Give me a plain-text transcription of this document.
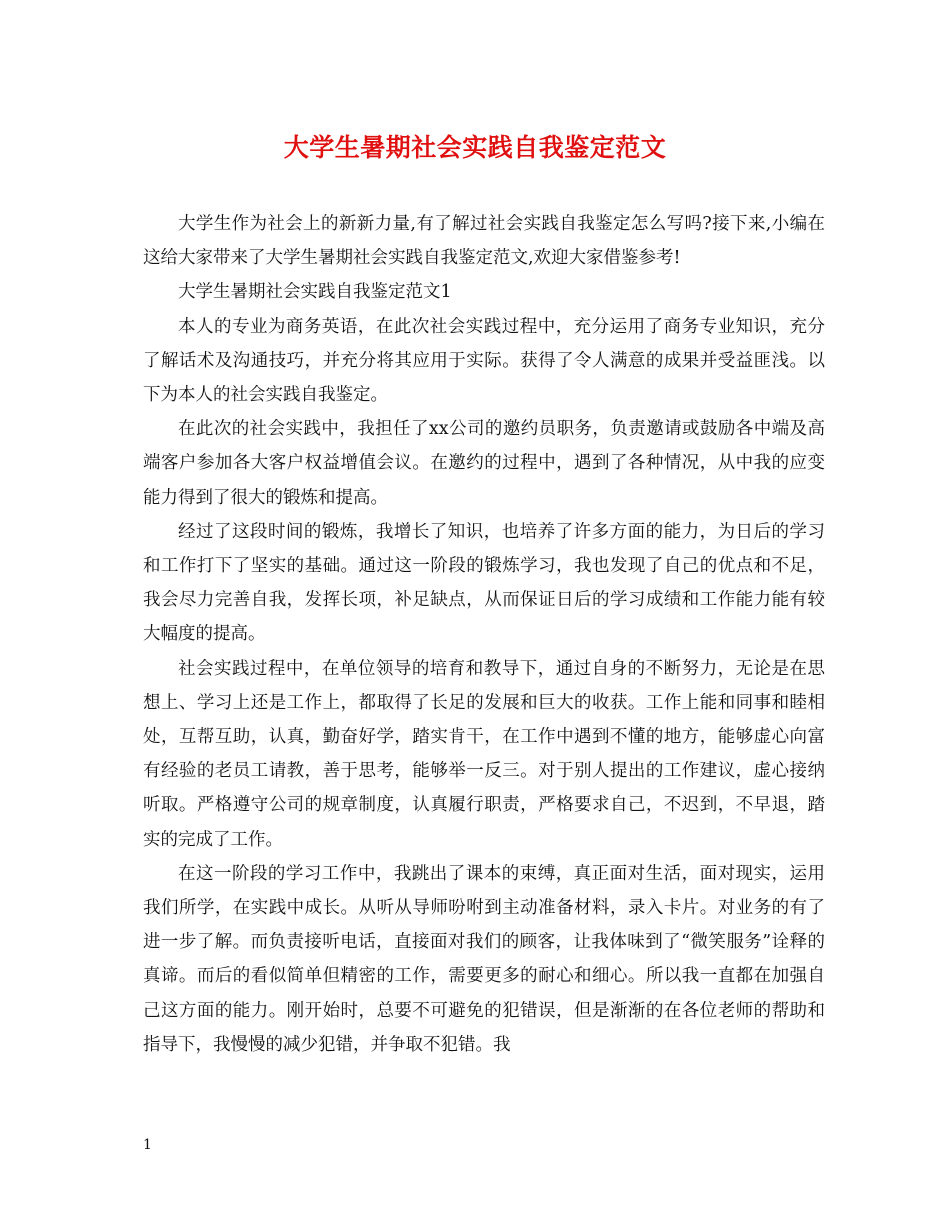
大学生暑期社会实践自我鉴定范文

大学生作为社会上的新新力量,有了解过社会实践自我鉴定怎么写吗?接下来,小编在这给大家带来了大学生暑期社会实践自我鉴定范文,欢迎大家借鉴参考!

大学生暑期社会实践自我鉴定范文1

本人的专业为商务英语，在此次社会实践过程中，充分运用了商务专业知识，充分了解话术及沟通技巧，并充分将其应用于实际。获得了令人满意的成果并受益匪浅。以下为本人的社会实践自我鉴定。

在此次的社会实践中，我担任了xx公司的邀约员职务，负责邀请或鼓励各中端及高端客户参加各大客户权益增值会议。在邀约的过程中，遇到了各种情况，从中我的应变能力得到了很大的锻炼和提高。

经过了这段时间的锻炼，我增长了知识，也培养了许多方面的能力，为日后的学习和工作打下了坚实的基础。通过这一阶段的锻炼学习，我也发现了自己的优点和不足，我会尽力完善自我，发挥长项，补足缺点，从而保证日后的学习成绩和工作能力能有较大幅度的提高。

社会实践过程中，在单位领导的培育和教导下，通过自身的不断努力，无论是在思想上、学习上还是工作上，都取得了长足的发展和巨大的收获。工作上能和同事和睦相处，互帮互助，认真，勤奋好学，踏实肯干，在工作中遇到不懂的地方，能够虚心向富有经验的老员工请教，善于思考，能够举一反三。对于别人提出的工作建议，虚心接纳听取。严格遵守公司的规章制度，认真履行职责，严格要求自己，不迟到，不早退，踏实的完成了工作。

在这一阶段的学习工作中，我跳出了课本的束缚，真正面对生活，面对现实，运用我们所学，在实践中成长。从听从导师吩咐到主动准备材料，录入卡片。对业务的有了进一步了解。而负责接听电话，直接面对我们的顾客，让我体味到了“微笑服务”诠释的真谛。而后的看似简单但精密的工作，需要更多的耐心和细心。所以我一直都在加强自己这方面的能力。刚开始时，总要不可避免的犯错误，但是渐渐的在各位老师的帮助和指导下，我慢慢的减少犯错，并争取不犯错。我

1
